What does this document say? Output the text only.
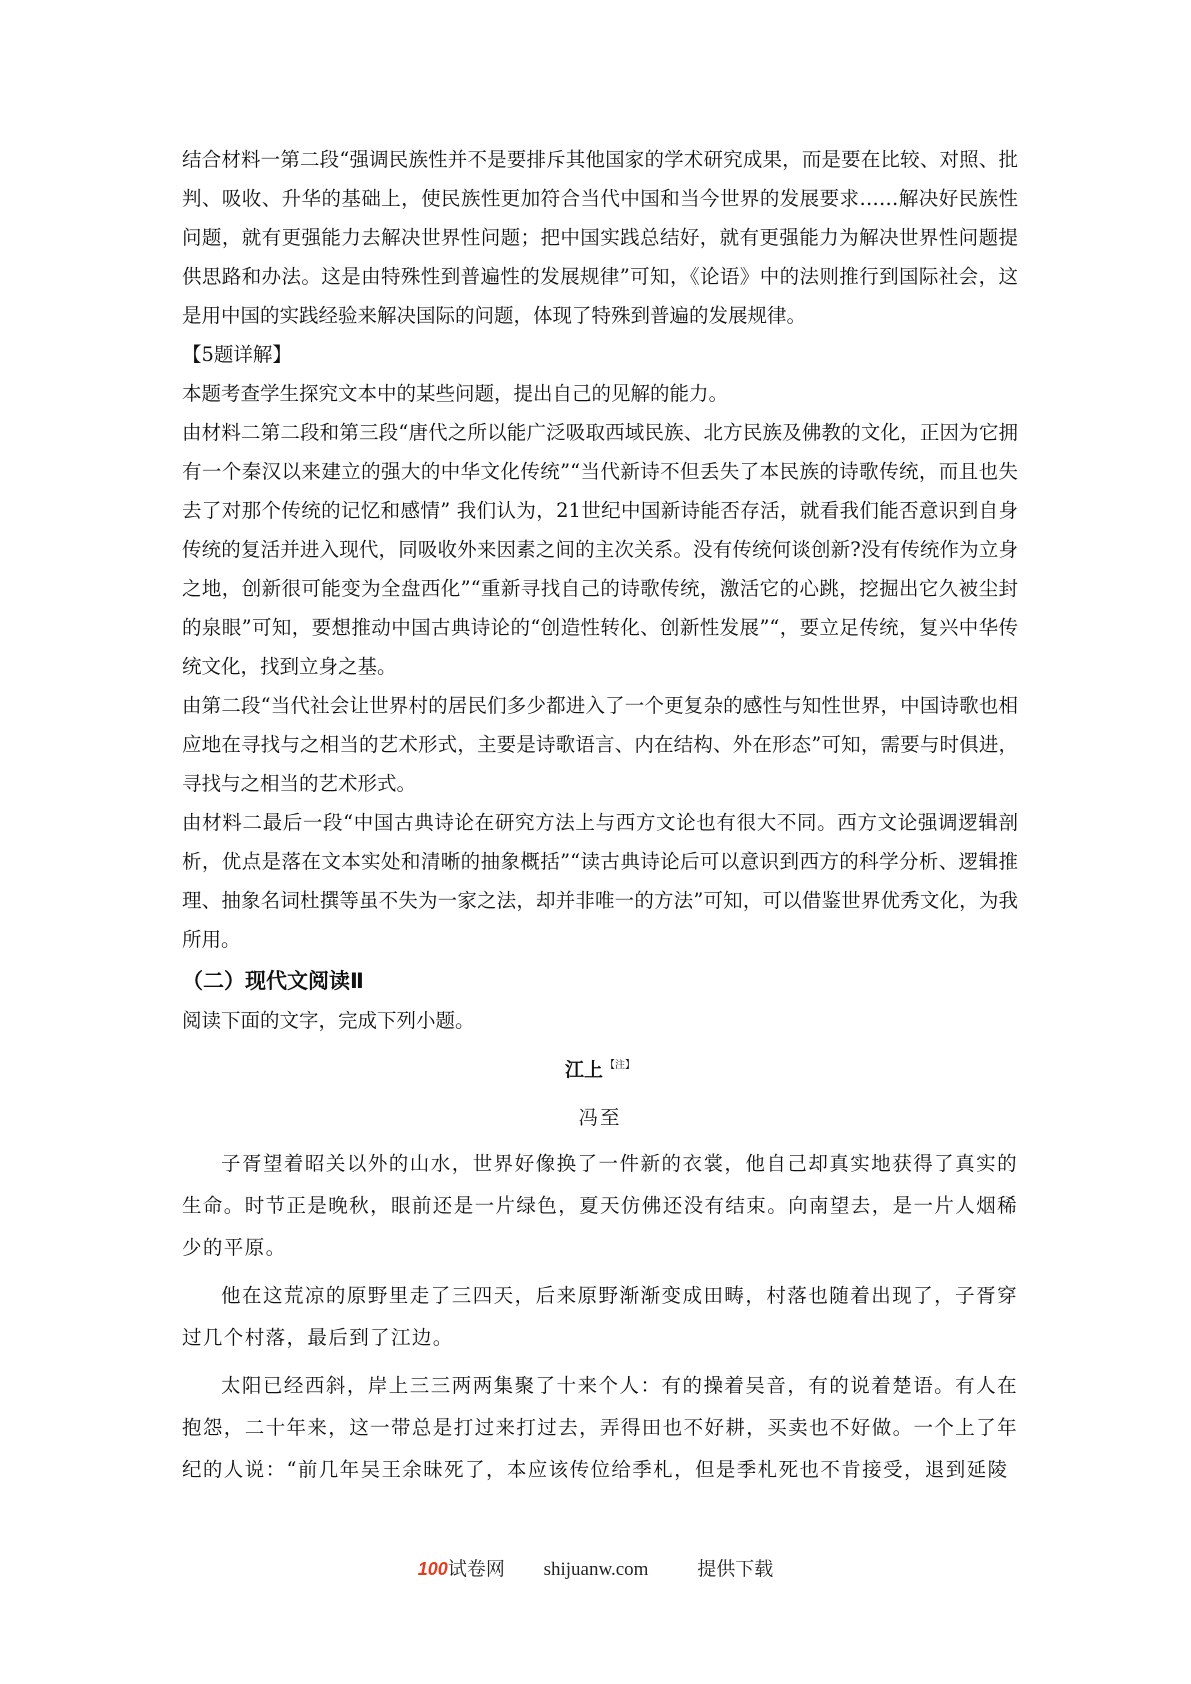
结合材料一第二段“强调民族性并不是要排斥其他国家的学术研究成果，而是要在比较、对照、批判、吸收、升华的基础上，使民族性更加符合当代中国和当今世界的发展要求……解决好民族性问题，就有更强能力去解决世界性问题；把中国实践总结好，就有更强能力为解决世界性问题提供思路和办法。这是由特殊性到普遍性的发展规律”可知，《论语》中的法则推行到国际社会，这是用中国的实践经验来解决国际的问题，体现了特殊到普遍的发展规律。

【5题详解】

本题考查学生探究文本中的某些问题，提出自己的见解的能力。

由材料二第二段和第三段“唐代之所以能广泛吸取西域民族、北方民族及佛教的文化，正因为它拥有一个秦汉以来建立的强大的中华文化传统”“当代新诗不但丢失了本民族的诗歌传统，而且也失去了对那个传统的记忆和感情” 我们认为，21世纪中国新诗能否存活，就看我们能否意识到自身传统的复活并进入现代，同吸收外来因素之间的主次关系。没有传统何谈创新?没有传统作为立身之地，创新很可能变为全盘西化”“重新寻找自己的诗歌传统，激活它的心跳，挖掘出它久被尘封的泉眼”可知，要想推动中国古典诗论的“创造性转化、创新性发展”“，要立足传统，复兴中华传统文化，找到立身之基。

由第二段“当代社会让世界村的居民们多少都进入了一个更复杂的感性与知性世界，中国诗歌也相应地在寻找与之相当的艺术形式，主要是诗歌语言、内在结构、外在形态”可知，需要与时俱进，寻找与之相当的艺术形式。

由材料二最后一段“中国古典诗论在研究方法上与西方文论也有很大不同。西方文论强调逻辑剖析，优点是落在文本实处和清晰的抽象概括”“读古典诗论后可以意识到西方的科学分析、逻辑推理、抽象名词杜撰等虽不失为一家之法，却并非唯一的方法”可知，可以借鉴世界优秀文化，为我所用。

（二）现代文阅读Ⅱ

阅读下面的文字，完成下列小题。

江上 $^{【注】}$
冯至

子胥望着昭关以外的山水，世界好像换了一件新的衣裳，他自己却真实地获得了真实的生命。时节正是晚秋，眼前还是一片绿色，夏天仿佛还没有结束。向南望去，是一片人烟稀少的平原。

他在这荒凉的原野里走了三四天，后来原野渐渐变成田畴，村落也随着出现了，子胥穿过几个村落，最后到了江边。

太阳已经西斜，岸上三三两两集聚了十来个人：有的操着吴音，有的说着楚语。有人在抱怨，二十年来，这一带总是打过来打过去，弄得田也不好耕，买卖也不好做。一个上了年纪的人说：“前几年吴王余昧死了，本应该传位给季札，但是季札死也不肯接受，退到延陵

100试卷网 shijuanw.com	提供下载
